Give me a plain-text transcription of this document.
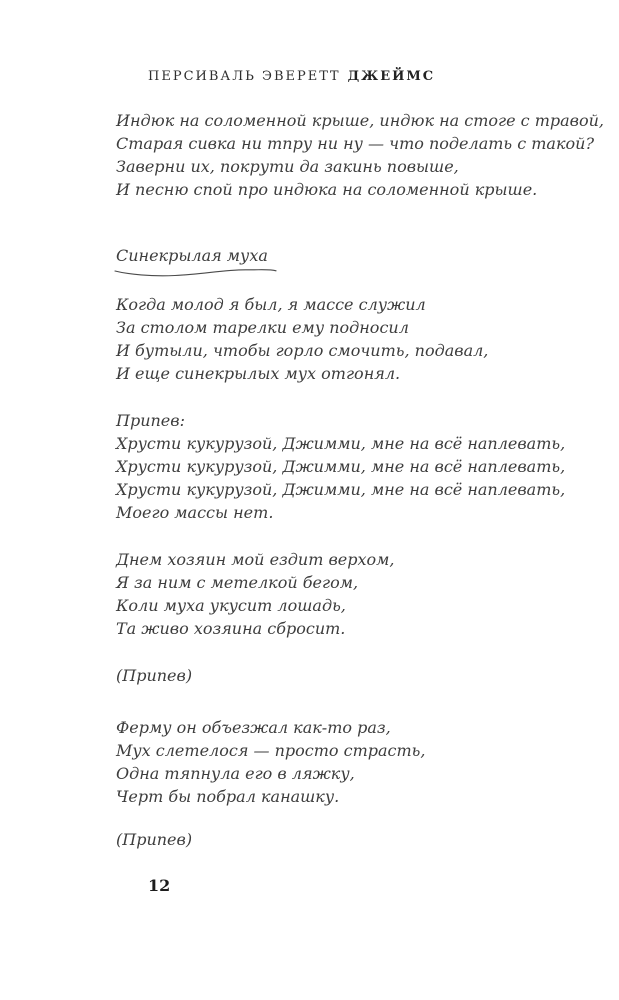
ПЕРСИВАЛЬ ЭВЕРЕТТ ДЖЕЙМС
Индюк на соломенной крыше, индюк на стоге с травой,
Старая сивка ни тпру ни ну — что поделать с такой?
Заверни их, покрути да закинь повыше,
И песню спой про индюка на соломенной крыше.
Синекрылая муха
Когда молод я был, я массе служил
За столом тарелки ему подносил
И бутыли, чтобы горло смочить, подавал,
И еще синекрылых мух отгонял.
Припев:
Хрусти кукурузой, Джимми, мне на всё наплевать,
Хрусти кукурузой, Джимми, мне на всё наплевать,
Хрусти кукурузой, Джимми, мне на всё наплевать,
Моего массы нет.
Днем хозяин мой ездит верхом,
Я за ним с метелкой бегом,
Коли муха укусит лошадь,
Та живо хозяина сбросит.
(Припев)
Ферму он объезжал как-то раз,
Мух слетелося — просто страсть,
Одна тяпнула его в ляжку,
Черт бы побрал канашку.
(Припев)
12
